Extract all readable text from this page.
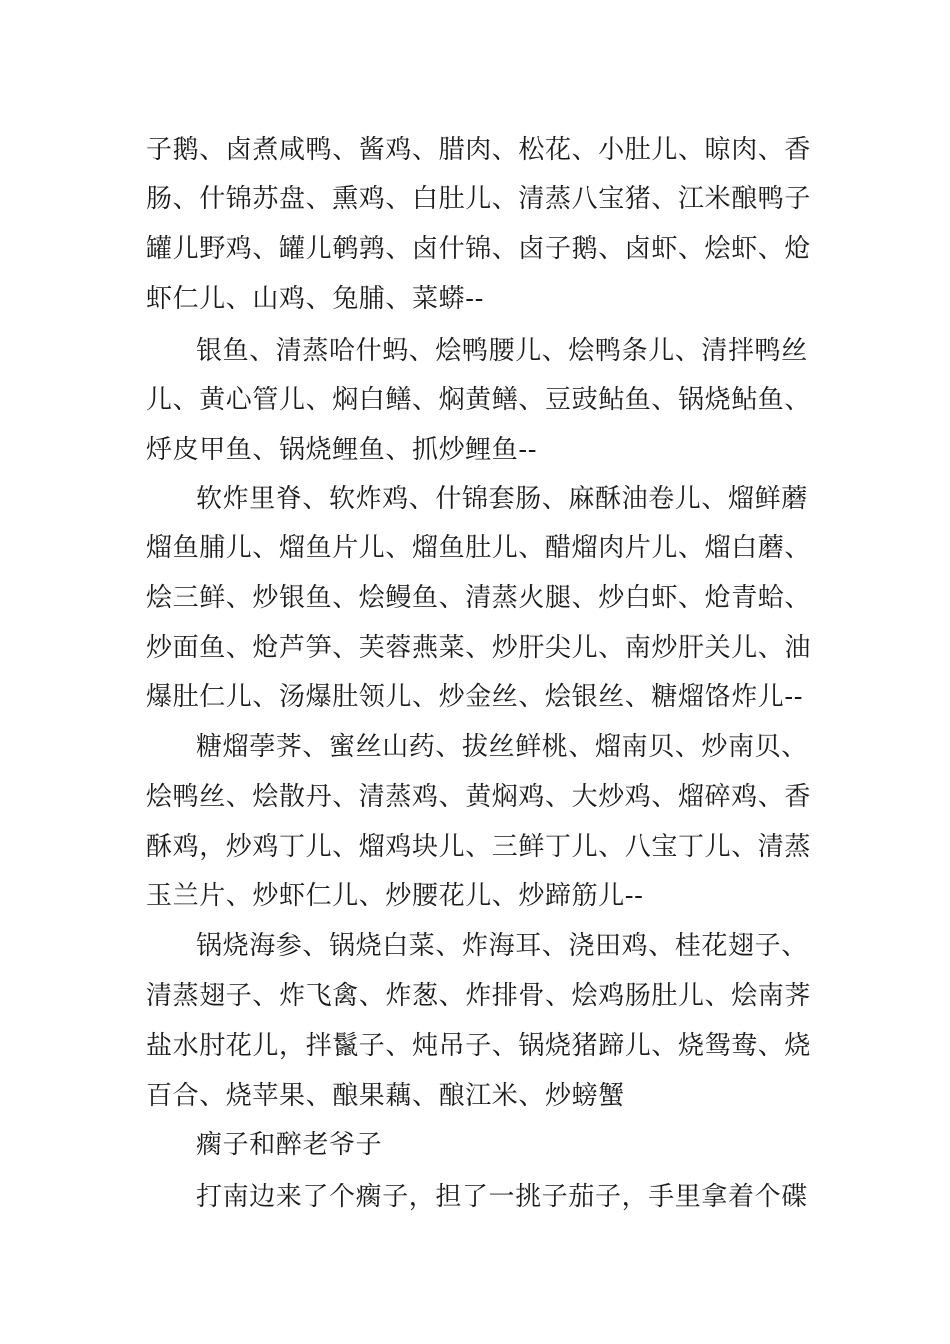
子鹅、卤煮咸鸭、酱鸡、腊肉、松花、小肚儿、晾肉、香
肠、什锦苏盘、熏鸡、白肚儿、清蒸八宝猪、江米酿鸭子
罐儿野鸡、罐儿鹌鹑、卤什锦、卤子鹅、卤虾、烩虾、炝
虾仁儿、山鸡、兔脯、菜蟒--
银鱼、清蒸哈什蚂、烩鸭腰儿、烩鸭条儿、清拌鸭丝
儿、黄心管儿、焖白鳝、焖黄鳝、豆豉鲇鱼、锅烧鲇鱼、
烀皮甲鱼、锅烧鲤鱼、抓炒鲤鱼--
软炸里脊、软炸鸡、什锦套肠、麻酥油卷儿、熘鲜蘑
熘鱼脯儿、熘鱼片儿、熘鱼肚儿、醋熘肉片儿、熘白蘑、
烩三鲜、炒银鱼、烩鳗鱼、清蒸火腿、炒白虾、炝青蛤、
炒面鱼、炝芦笋、芙蓉燕菜、炒肝尖儿、南炒肝关儿、油
爆肚仁儿、汤爆肚领儿、炒金丝、烩银丝、糖熘饹炸儿--
糖熘荸荠、蜜丝山药、拔丝鲜桃、熘南贝、炒南贝、
烩鸭丝、烩散丹、清蒸鸡、黄焖鸡、大炒鸡、熘碎鸡、香
酥鸡，炒鸡丁儿、熘鸡块儿、三鲜丁儿、八宝丁儿、清蒸
玉兰片、炒虾仁儿、炒腰花儿、炒蹄筋儿--
锅烧海参、锅烧白菜、炸海耳、浇田鸡、桂花翅子、
清蒸翅子、炸飞禽、炸葱、炸排骨、烩鸡肠肚儿、烩南荠
盐水肘花儿，拌鬣子、炖吊子、锅烧猪蹄儿、烧鸳鸯、烧
百合、烧苹果、酿果藕、酿江米、炒螃蟹
瘸子和醉老爷子
打南边来了个瘸子，担了一挑子茄子，手里拿着个碟
